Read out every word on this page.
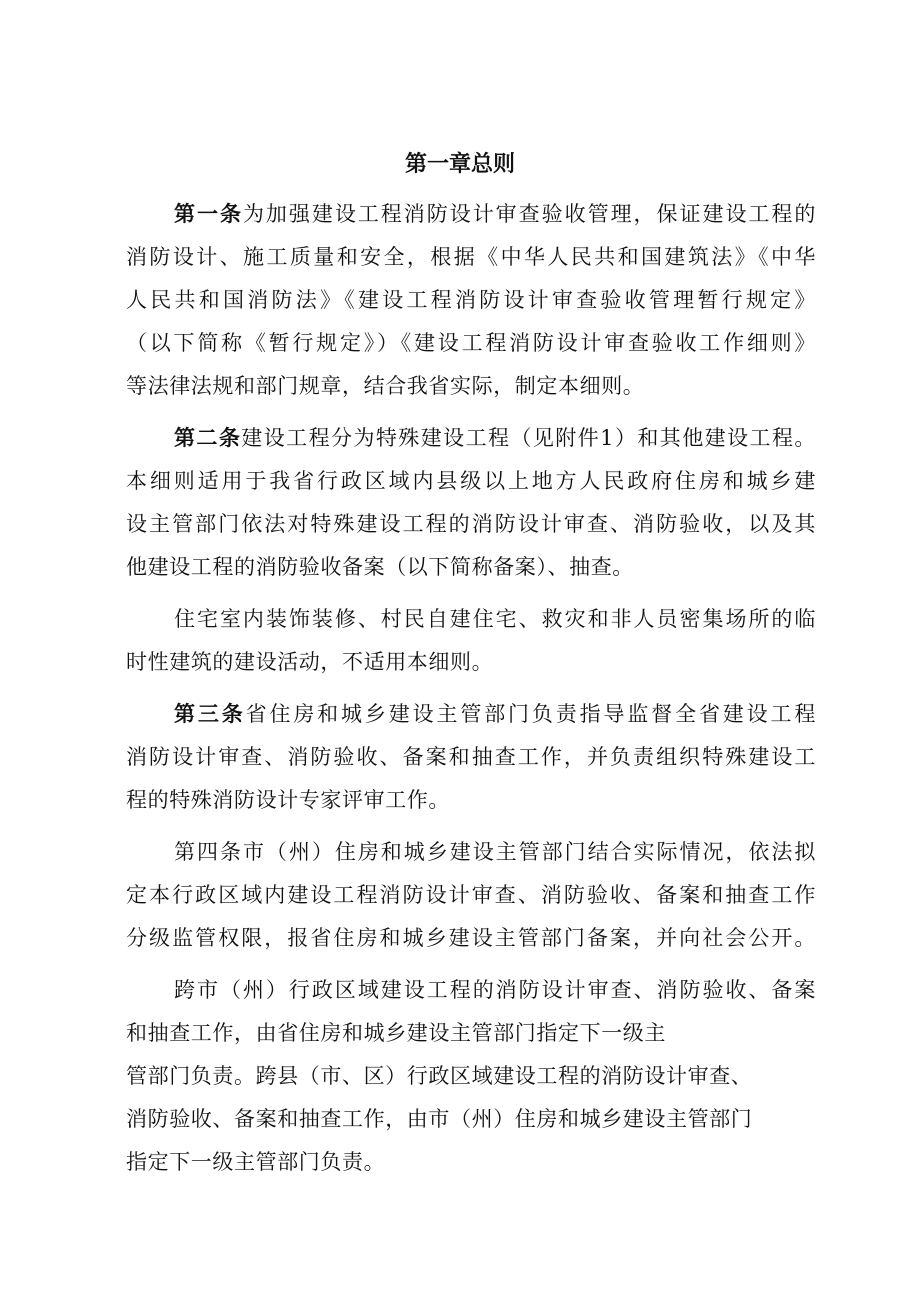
第一章总则
第一条为加强建设工程消防设计审查验收管理，保证建设工程的
消防设计、施工质量和安全，根据《中华人民共和国建筑法》《中华
人民共和国消防法》《建设工程消防设计审查验收管理暂行规定》
（以下简称《暂行规定》）《建设工程消防设计审查验收工作细则》
等法律法规和部门规章，结合我省实际，制定本细则。
第二条建设工程分为特殊建设工程（见附件1）和其他建设工程。
本细则适用于我省行政区域内县级以上地方人民政府住房和城乡建
设主管部门依法对特殊建设工程的消防设计审查、消防验收，以及其
他建设工程的消防验收备案（以下简称备案）、抽查。
住宅室内装饰装修、村民自建住宅、救灾和非人员密集场所的临
时性建筑的建设活动，不适用本细则。
第三条省住房和城乡建设主管部门负责指导监督全省建设工程
消防设计审查、消防验收、备案和抽查工作，并负责组织特殊建设工
程的特殊消防设计专家评审工作。
第四条市（州）住房和城乡建设主管部门结合实际情况，依法拟
定本行政区域内建设工程消防设计审查、消防验收、备案和抽查工作
分级监管权限，报省住房和城乡建设主管部门备案，并向社会公开。
跨市（州）行政区域建设工程的消防设计审查、消防验收、备案
和抽查工作，由省住房和城乡建设主管部门指定下一级主
管部门负责。跨县（市、区）行政区域建设工程的消防设计审查、
消防验收、备案和抽查工作，由市（州）住房和城乡建设主管部门
指定下一级主管部门负责。
